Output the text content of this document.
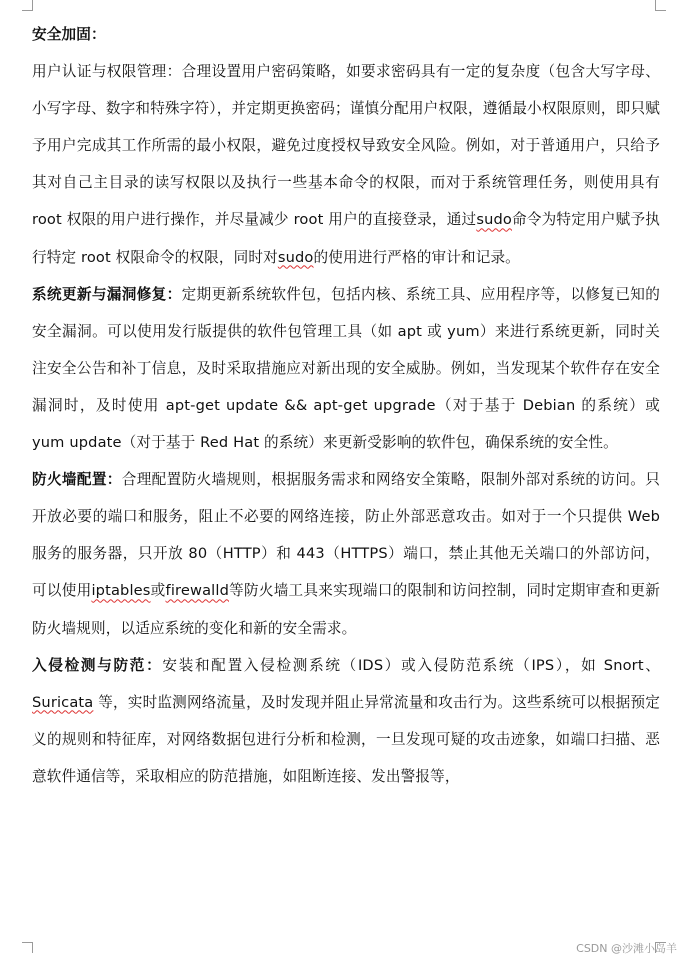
安全加固：

用户认证与权限管理：合理设置用户密码策略，如要求密码具有一定的复杂度（包含大写字母、小写字母、数字和特殊字符），并定期更换密码；谨慎分配用户权限，遵循最小权限原则，即只赋予用户完成其工作所需的最小权限，避免过度授权导致安全风险。例如，对于普通用户，只给予其对自己主目录的读写权限以及执行一些基本命令的权限，而对于系统管理任务，则使用具有 root 权限的用户进行操作，并尽量减少 root 用户的直接登录，通过sudo命令为特定用户赋予执行特定 root 权限命令的权限，同时对sudo的使用进行严格的审计和记录。

系统更新与漏洞修复：定期更新系统软件包，包括内核、系统工具、应用程序等，以修复已知的安全漏洞。可以使用发行版提供的软件包管理工具（如 apt 或 yum）来进行系统更新，同时关注安全公告和补丁信息，及时采取措施应对新出现的安全威胁。例如，当发现某个软件存在安全漏洞时，及时使用 apt-get update && apt-get upgrade（对于基于 Debian 的系统）或 yum update（对于基于 Red Hat 的系统）来更新受影响的软件包，确保系统的安全性。

防火墙配置：合理配置防火墙规则，根据服务需求和网络安全策略，限制外部对系统的访问。只开放必要的端口和服务，阻止不必要的网络连接，防止外部恶意攻击。如对于一个只提供 Web 服务的服务器，只开放 80（HTTP）和 443（HTTPS）端口，禁止其他无关端口的外部访问，可以使用iptables或firewalld等防火墙工具来实现端口的限制和访问控制，同时定期审查和更新防火墙规则，以适应系统的变化和新的安全需求。

入侵检测与防范：安装和配置入侵检测系统（IDS）或入侵防范系统（IPS），如 Snort、Suricata 等，实时监测网络流量，及时发现并阻止异常流量和攻击行为。这些系统可以根据预定义的规则和特征库，对网络数据包进行分析和检测，一旦发现可疑的攻击迹象，如端口扫描、恶意软件通信等，采取相应的防范措施，如阻断连接、发出警报等，

CSDN @沙滩小岛羊
